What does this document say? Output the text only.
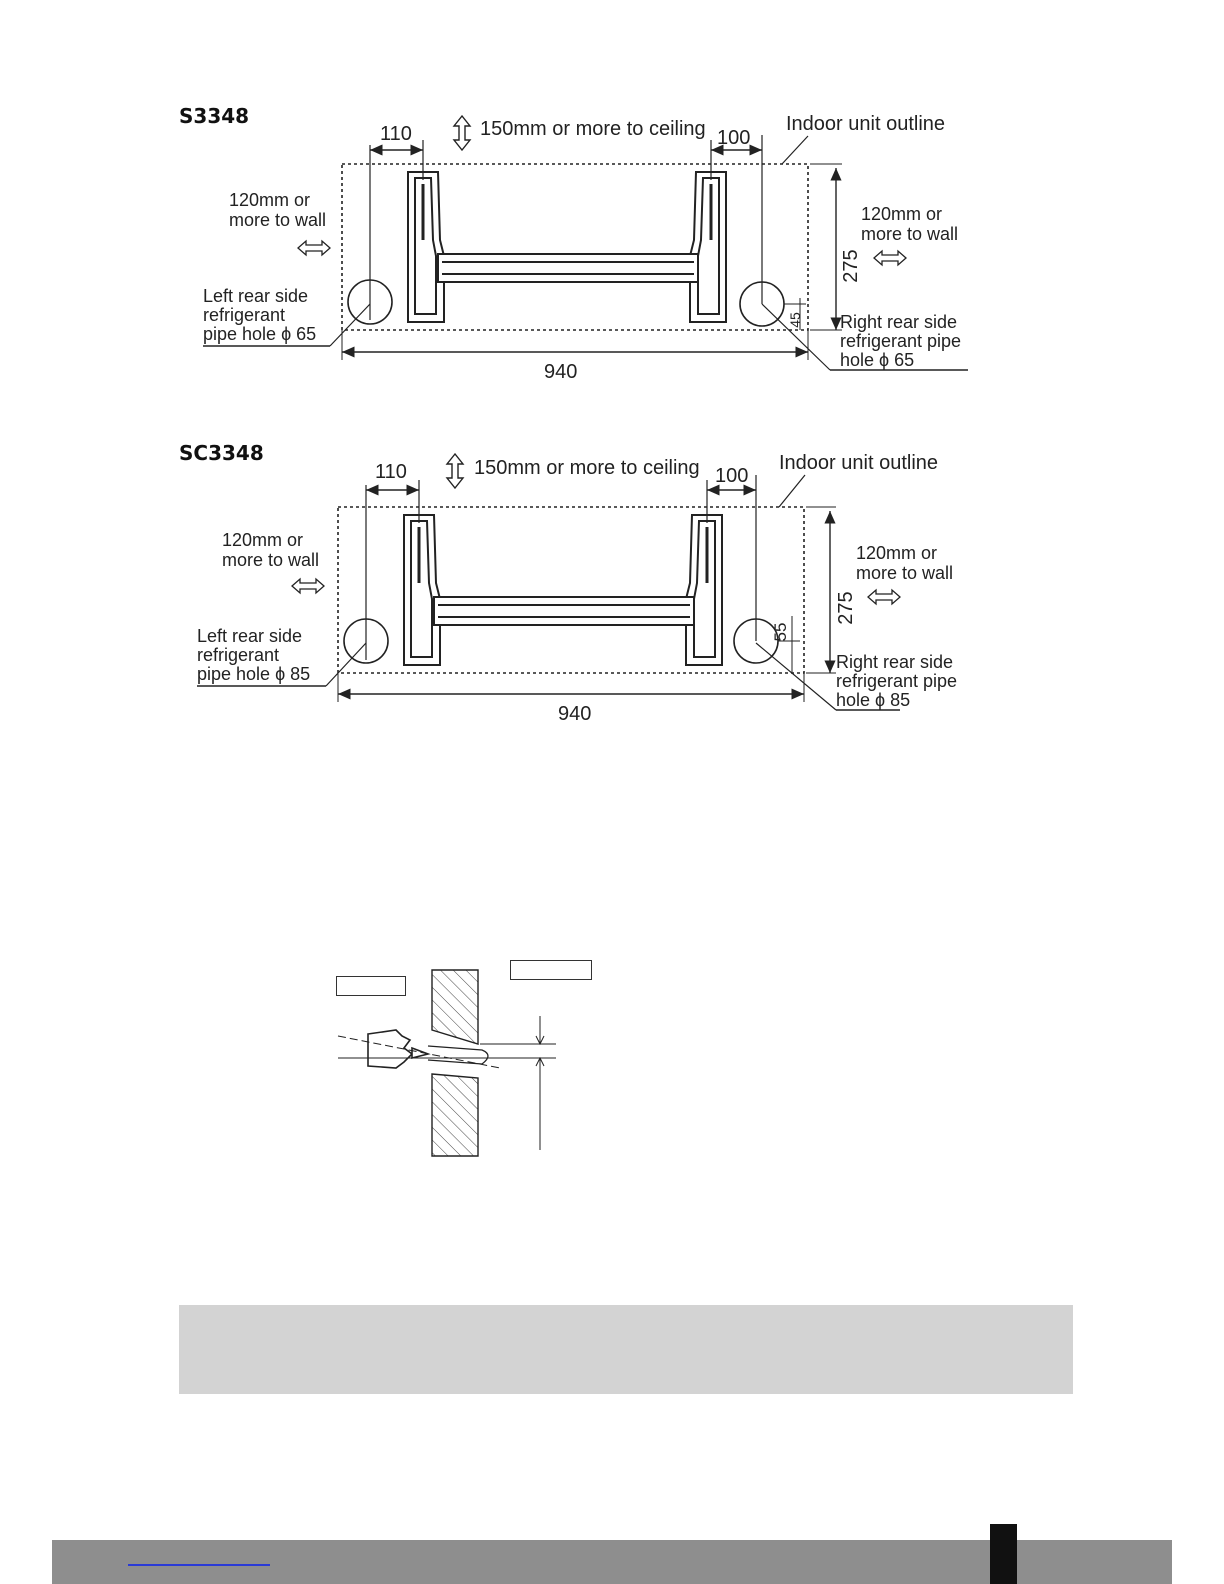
S3348
110	100
150mm or more to ceiling	Indoor unit outline
120mm or
more to wall	120mm or
more to wall
275
45
940
Left rear side
refrigerant
pipe hole ϕ 65
Right rear side
refrigerant pipe
hole ϕ 65
SC3348
110	100
150mm or more to ceiling	Indoor unit outline
120mm or
more to wall	120mm or
more to wall
275
55
940
Left rear side
refrigerant
pipe hole ϕ 85
Right rear side
refrigerant pipe
hole ϕ 85
